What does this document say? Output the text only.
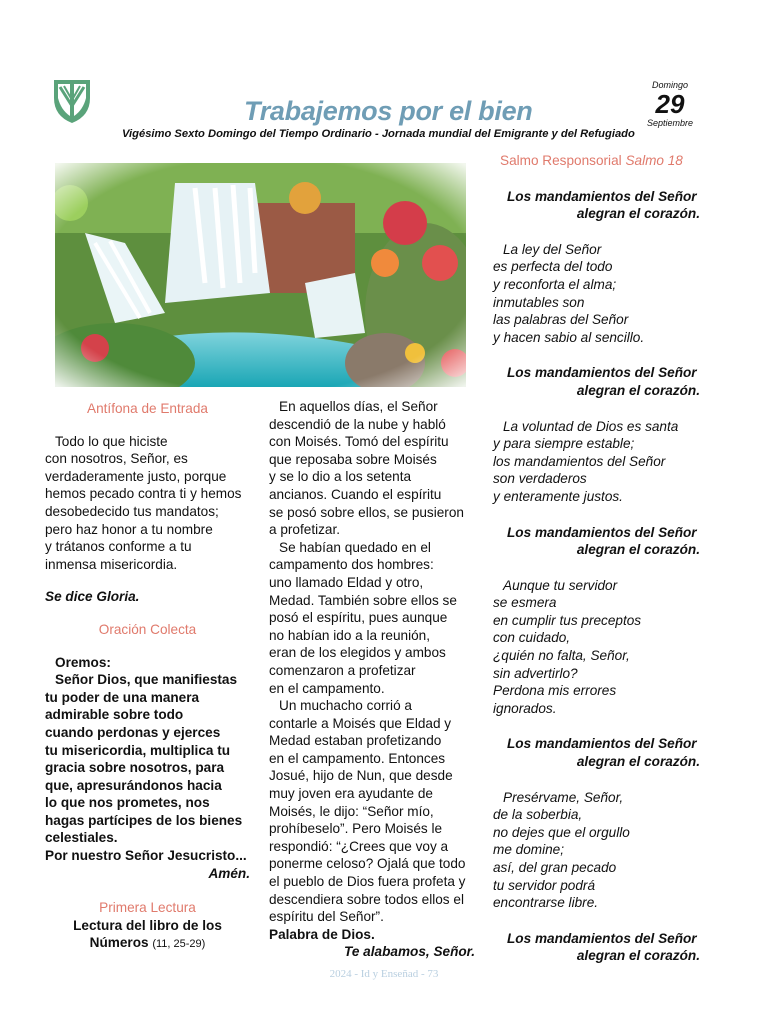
Trabajemos por el bien
Vigésimo Sexto Domingo del Tiempo Ordinario - Jornada mundial del Emigrante y del Refugiado
Domingo
29
Septiembre
Antífona de Entrada
Todo lo que hiciste
con nosotros, Señor, es
verdaderamente justo, porque
hemos pecado contra ti y hemos
desobedecido tus mandatos;
pero haz honor a tu nombre
y trátanos conforme a tu
inmensa misericordia.
Se dice Gloria.
Oración Colecta
Oremos:
Señor Dios, que manifiestas
tu poder de una manera
admirable sobre todo
cuando perdonas y ejerces
tu misericordia, multiplica tu
gracia sobre nosotros, para
que, apresurándonos hacia
lo que nos prometes, nos
hagas partícipes de los bienes
celestiales.
Por nuestro Señor Jesucristo...
Amén.
Primera Lectura
Lectura del libro de los
Números (11, 25-29)
En aquellos días, el Señor
descendió de la nube y habló
con Moisés. Tomó del espíritu
que reposaba sobre Moisés
y se lo dio a los setenta
ancianos. Cuando el espíritu
se posó sobre ellos, se pusieron
a profetizar.
Se habían quedado en el
campamento dos hombres:
uno llamado Eldad y otro,
Medad. También sobre ellos se
posó el espíritu, pues aunque
no habían ido a la reunión,
eran de los elegidos y ambos
comenzaron a profetizar
en el campamento.
Un muchacho corrió a
contarle a Moisés que Eldad y
Medad estaban profetizando
en el campamento. Entonces
Josué, hijo de Nun, que desde
muy joven era ayudante de
Moisés, le dijo: “Señor mío,
prohíbeselo”. Pero Moisés le
respondió: “¿Crees que voy a
ponerme celoso? Ojalá que todo
el pueblo de Dios fuera profeta y
descendiera sobre todos ellos el
espíritu del Señor”.
Palabra de Dios.
Te alabamos, Señor.
Salmo Responsorial Salmo 18
Los mandamientos del Señor
alegran el corazón.
La ley del Señor
es perfecta del todo
y reconforta el alma;
inmutables son
las palabras del Señor
y hacen sabio al sencillo.
Los mandamientos del Señor
alegran el corazón.
La voluntad de Dios es santa
y para siempre estable;
los mandamientos del Señor
son verdaderos
y enteramente justos.
Los mandamientos del Señor
alegran el corazón.
Aunque tu servidor
se esmera
en cumplir tus preceptos
con cuidado,
¿quién no falta, Señor,
sin advertirlo?
Perdona mis errores
ignorados.
Los mandamientos del Señor
alegran el corazón.
Presérvame, Señor,
de la soberbia,
no dejes que el orgullo
me domine;
así, del gran pecado
tu servidor podrá
encontrarse libre.
Los mandamientos del Señor
alegran el corazón.
2024 - Id y Enseñad - 73
